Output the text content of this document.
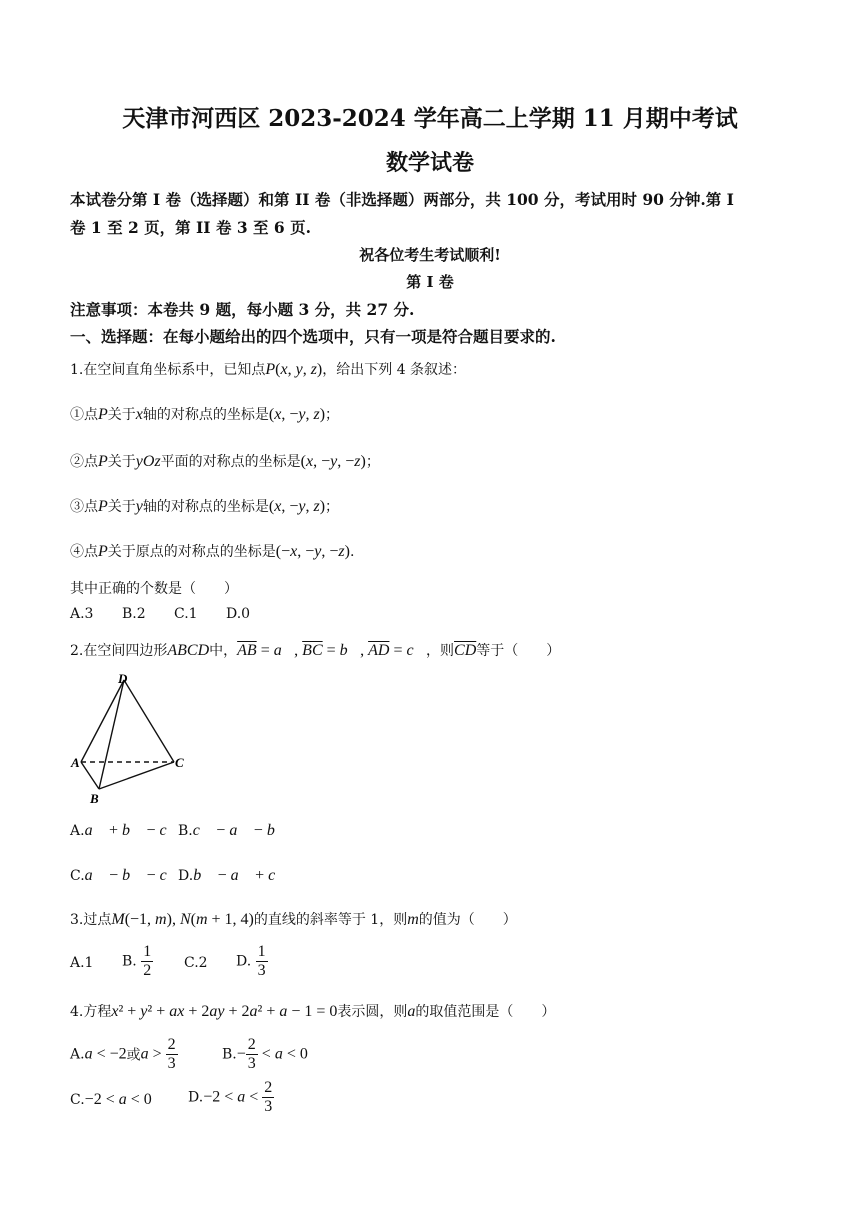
天津市河西区 2023-2024 学年高二上学期 11 月期中考试
数学试卷
本试卷分第 I 卷（选择题）和第 II 卷（非选择题）两部分，共 100 分，考试用时 90 分钟.第 I
卷 1 至 2 页，第 II 卷 3 至 6 页.
祝各位考生考试顺利!
第 Ⅰ 卷
注意事项：本卷共 9 题，每小题 3 分，共 27 分.
一、选择题：在每小题给出的四个选项中，只有一项是符合题目要求的.
1.在空间直角坐标系中，已知点P(x, y, z)，给出下列 4 条叙述：
①点P关于x轴的对称点的坐标是(x, −y, z)；
②点P关于yOz平面的对称点的坐标是(x, −y, −z)；
③点P关于y轴的对称点的坐标是(x, −y, z)；
④点P关于原点的对称点的坐标是(−x, −y, −z).
其中正确的个数是（　　）
A.3 B.2 C.1 D.0
2.在空间四边形ABCD中，$\overline{AB}$ = a⃗, $\overline{BC}$ = b⃗, $\overline{AD}$ = c⃗，则$\overline{CD}$等于（　　）
D
A	C
B
A.a⃗ + b⃗ − c⃗
B.c⃗ − a⃗ − b⃗
C.a⃗ − b⃗ − c⃗
D.b⃗ − a⃗ + c⃗
3.过点M(−1, m), N(m + 1, 4)的直线的斜率等于 1，则m的值为（　　）
A.1 B. 1
2 C.2 D. 1
3
4.方程x² + y² + ax + 2ay + 2a² + a − 1 = 0表示圆，则a的取值范围是（　　）
A.a < −2或a > 2
3
B.−2
3 < a < 0
C.−2 < a < 0	D.−2 < a < 2
3
